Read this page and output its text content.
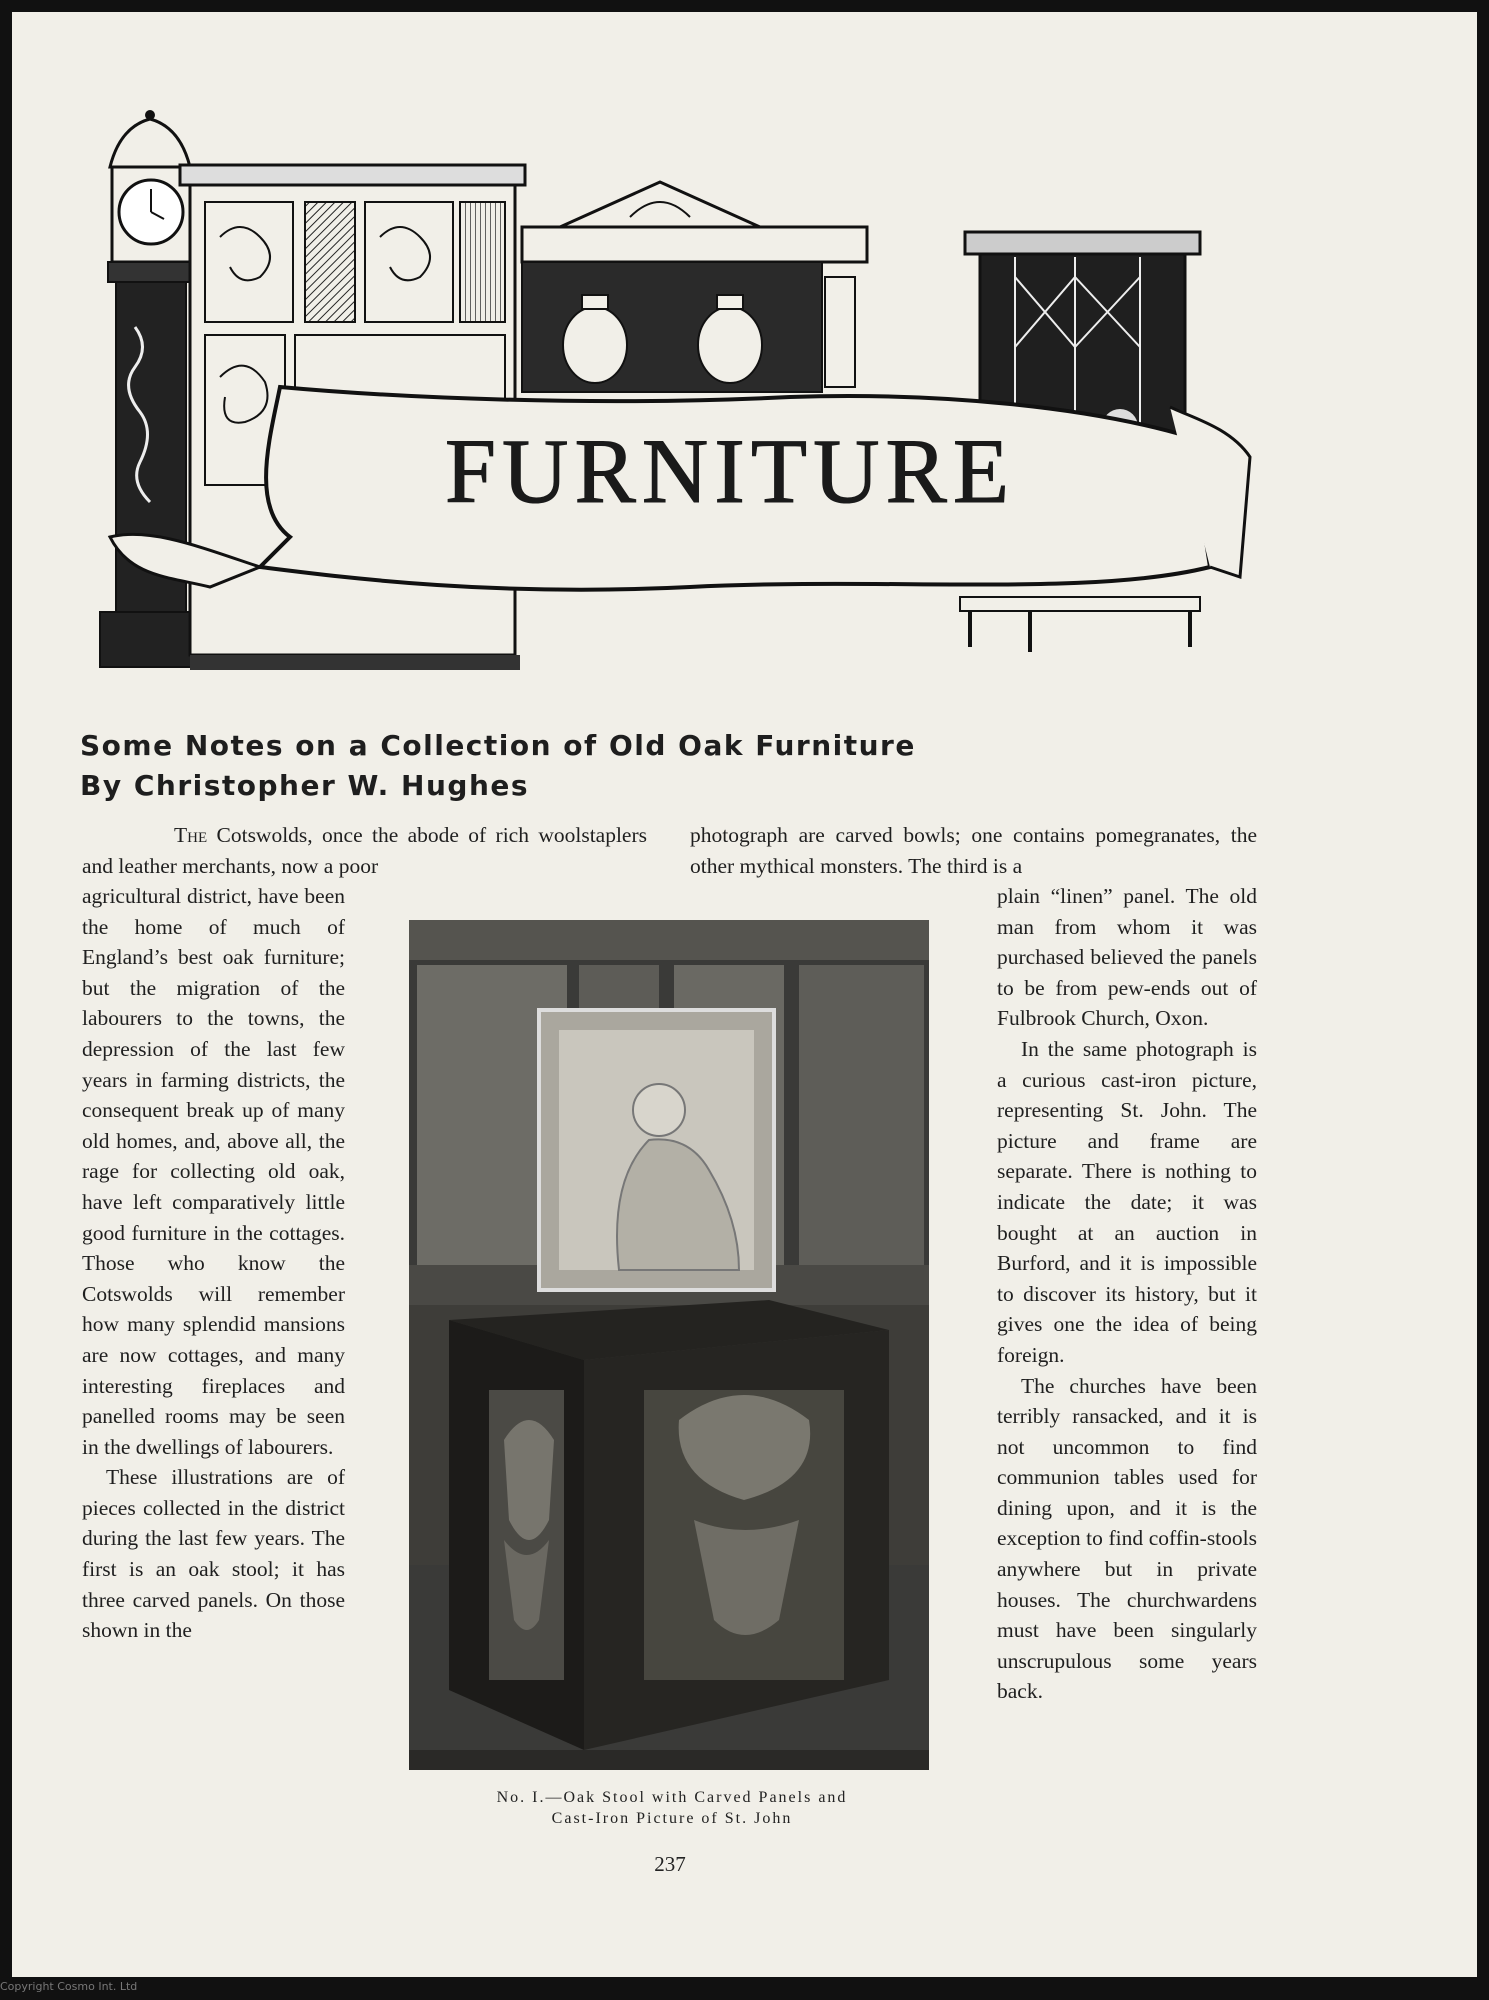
FURNITURE
Some Notes on a Collection of Old Oak Furniture
By Christopher W. Hughes
The Cotswolds, once the abode of rich woolstaplers and leather merchants, now a poor
photograph are carved bowls; one contains pomegranates, the other mythical monsters. The third is a

agricultural district, have been the home of much of England’s best oak furniture; but the migration of the labourers to the towns, the depression of the last few years in farming districts, the consequent break up of many old homes, and, above all, the rage for collecting old oak, have left comparatively little good furniture in the cottages. Those who know the Cotswolds will remember how many splendid mansions are now cottages, and many interesting fireplaces and panelled rooms may be seen in the dwellings of labourers.

These illustrations are of pieces collected in the district during the last few years. The first is an oak stool; it has three carved panels. On those shown in the

plain “linen” panel. The old man from whom it was purchased believed the panels to be from pew-ends out of Fulbrook Church, Oxon.

In the same photograph is a curious cast-iron picture, representing St. John. The picture and frame are separate. There is nothing to indicate the date; it was bought at an auction in Burford, and it is impossible to discover its history, but it gives one the idea of being foreign.

The churches have been terribly ransacked, and it is not uncommon to find communion tables used for dining upon, and it is the exception to find coffin-stools anywhere but in private houses. The churchwardens must have been singularly unscrupulous some years back.

No. I.—Oak Stool with Carved Panels and
Cast-Iron Picture of St. John
237
Copyright Cosmo Int. Ltd
